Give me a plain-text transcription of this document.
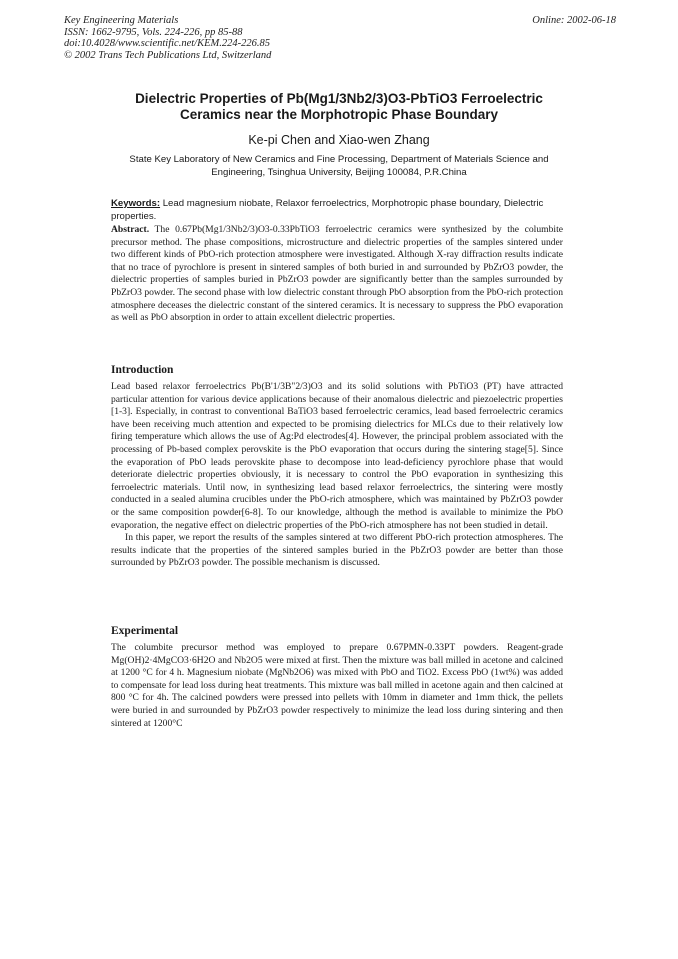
Key Engineering Materials
ISSN: 1662-9795, Vols. 224-226, pp 85-88
doi:10.4028/www.scientific.net/KEM.224-226.85
© 2002 Trans Tech Publications Ltd, Switzerland
Online: 2002-06-18
Dielectric Properties of Pb(Mg1/3Nb2/3)O3-PbTiO3 Ferroelectric
Ceramics near the Morphotropic Phase Boundary
Ke-pi Chen and Xiao-wen Zhang
State Key Laboratory of New Ceramics and Fine Processing, Department of Materials Science and
Engineering, Tsinghua University, Beijing 100084, P.R.China
Keywords: Lead magnesium niobate, Relaxor ferroelectrics, Morphotropic phase boundary, Dielectric properties.
Abstract. The 0.67Pb(Mg1/3Nb2/3)O3-0.33PbTiO3 ferroelectric ceramics were synthesized by the columbite precursor method. The phase compositions, microstructure and dielectric properties of the samples sintered under two different kinds of PbO-rich protection atmosphere were investigated. Although X-ray diffraction results indicate that no trace of pyrochlore is present in sintered samples of both buried in and surrounded by PbZrO3 powder, the dielectric properties of samples buried in PbZrO3 powder are significantly better than the samples surrounded by PbZrO3 powder. The second phase with low dielectric constant through PbO absorption from the PbO-rich protection atmosphere deceases the dielectric constant of the sintered ceramics. It is necessary to suppress the PbO evaporation as well as PbO absorption in order to attain excellent dielectric properties.
Introduction

Lead based relaxor ferroelectrics Pb(B'1/3B"2/3)O3 and its solid solutions with PbTiO3 (PT) have attracted particular attention for various device applications because of their anomalous dielectric and piezoelectric properties [1-3]. Especially, in contrast to conventional BaTiO3 based ferroelectric ceramics, lead based ferroelectric ceramics have been receiving much attention and expected to be promising dielectrics for MLCs due to their relatively low firing temperature which allows the use of Ag:Pd electrodes[4]. However, the principal problem associated with the processing of Pb-based complex perovskite is the PbO evaporation that occurs during the sintering stage[5]. Since the evaporation of PbO leads perovskite phase to decompose into lead-deficiency pyrochlore phase that would deteriorate dielectric properties obviously, it is necessary to control the PbO evaporation in synthesizing this ferroelectric materials. Until now, in synthesizing lead based relaxor ferroelectrics, the sintering were mostly conducted in a sealed alumina crucibles under the PbO-rich atmosphere, which was maintained by PbZrO3 powder or the same composition powder[6-8]. To our knowledge, although the method is available to minimize the PbO evaporation, the negative effect on dielectric properties of the PbO-rich atmosphere has not been studied in detail.

In this paper, we report the results of the samples sintered at two different PbO-rich protection atmospheres. The results indicate that the properties of the sintered samples buried in the PbZrO3 powder are better than those surrounded by PbZrO3 powder. The possible mechanism is discussed.

Experimental

The columbite precursor method was employed to prepare 0.67PMN-0.33PT powders. Reagent-grade Mg(OH)2·4MgCO3·6H2O and Nb2O5 were mixed at first. Then the mixture was ball milled in acetone and calcined at 1200 °C for 4 h. Magnesium niobate (MgNb2O6) was mixed with PbO and TiO2. Excess PbO (1wt%) was added to compensate for lead loss during heat treatments. This mixture was ball milled in acetone again and then calcined at 800 °C for 4h. The calcined powders were pressed into pellets with 10mm in diameter and 1mm thick, the pellets were buried in and surrounded by PbZrO3 powder respectively to minimize the lead loss during sintering and then sintered at 1200°C
